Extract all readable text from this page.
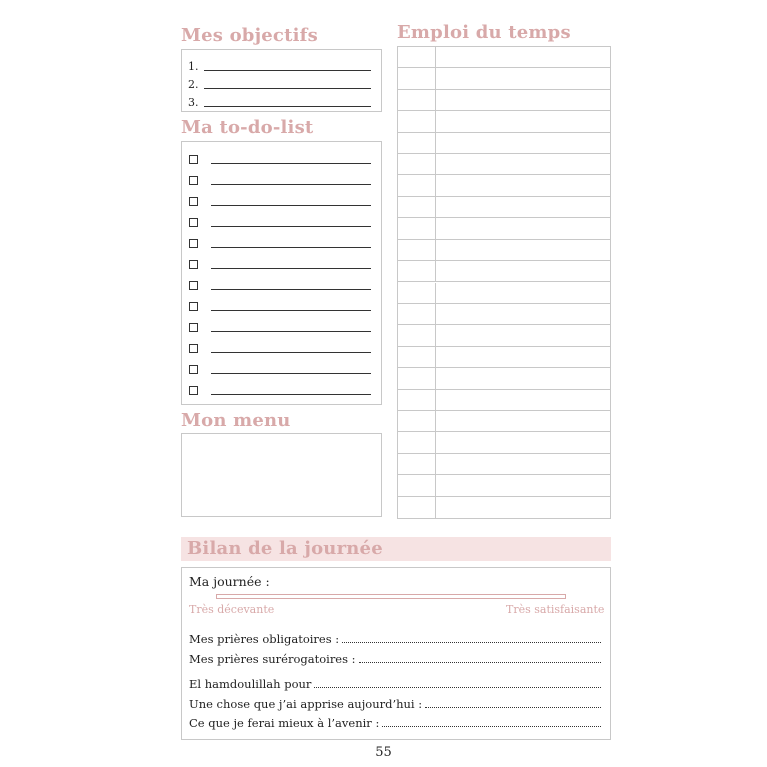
Mes objectifs
1.
2.
3.
Ma to-do-list
Mon menu
Emploi du temps
Bilan de la journée
Ma journée :
Très décevante	Très satisfaisante
Mes prières obligatoires :
Mes prières surérogatoires :
El hamdoulillah pour
Une chose que j’ai apprise aujourd’hui :
Ce que je ferai mieux à l’avenir :
55
